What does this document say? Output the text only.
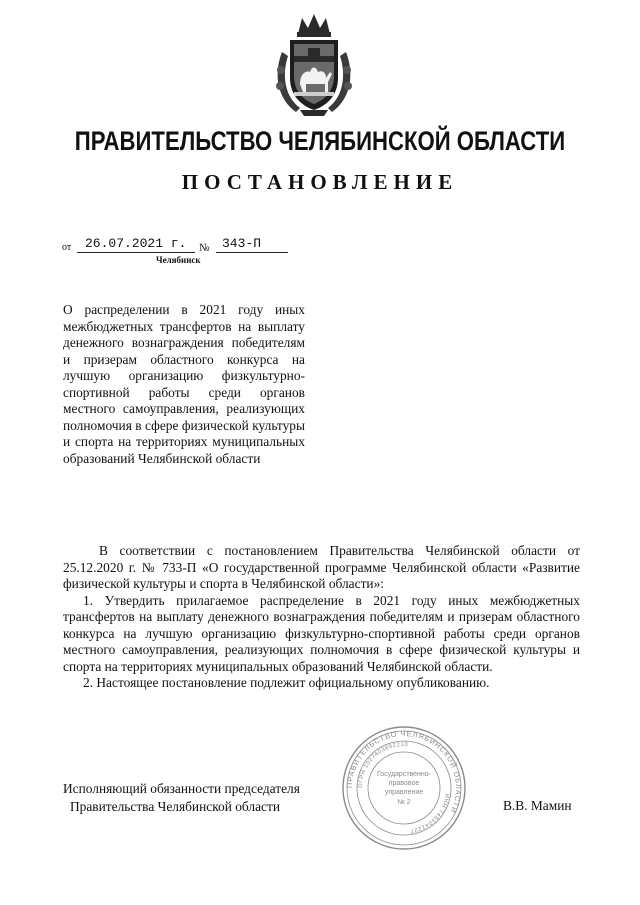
ПРАВИТЕЛЬСТВО ЧЕЛЯБИНСКОЙ ОБЛАСТИ
ПОСТАНОВЛЕНИЕ
от	26.07.2021 г.	№ 343-П
Челябинск
О распределении в 2021 году иных межбюджетных трансфертов на выплату денежного вознаграждения победителям и призерам областного конкурса на лучшую организацию физкультурно-спортивной работы среди органов местного самоуправления, реализующих полномочия в сфере физической культуры и спорта на территориях муниципальных образований Челябинской области

В соответствии с постановлением Правительства Челябинской области от 25.12.2020 г. № 733-П «О государственной программе Челябинской области «Развитие физической культуры и спорта в Челябинской области»:

1. Утвердить прилагаемое распределение в 2021 году иных межбюджетных трансфертов на выплату денежного вознаграждения победителям и призерам областного конкурса на лучшую организацию физкультурно-спортивной работы среди органов местного самоуправления, реализующих полномочия в сфере физической культуры и спорта на территориях муниципальных образований Челябинской области.

2. Настоящее постановление подлежит официальному опубликованию.

ПРАВИТЕЛЬСТВО ЧЕЛЯБИНСКОЙ ОБЛАСТИ
ОГРН 1027403892210
ИНН 7453042227
Государственно-
правовое
управление
№ 2
Исполняющий обязанности председателя
Правительства Челябинской области	В.В. Мамин
